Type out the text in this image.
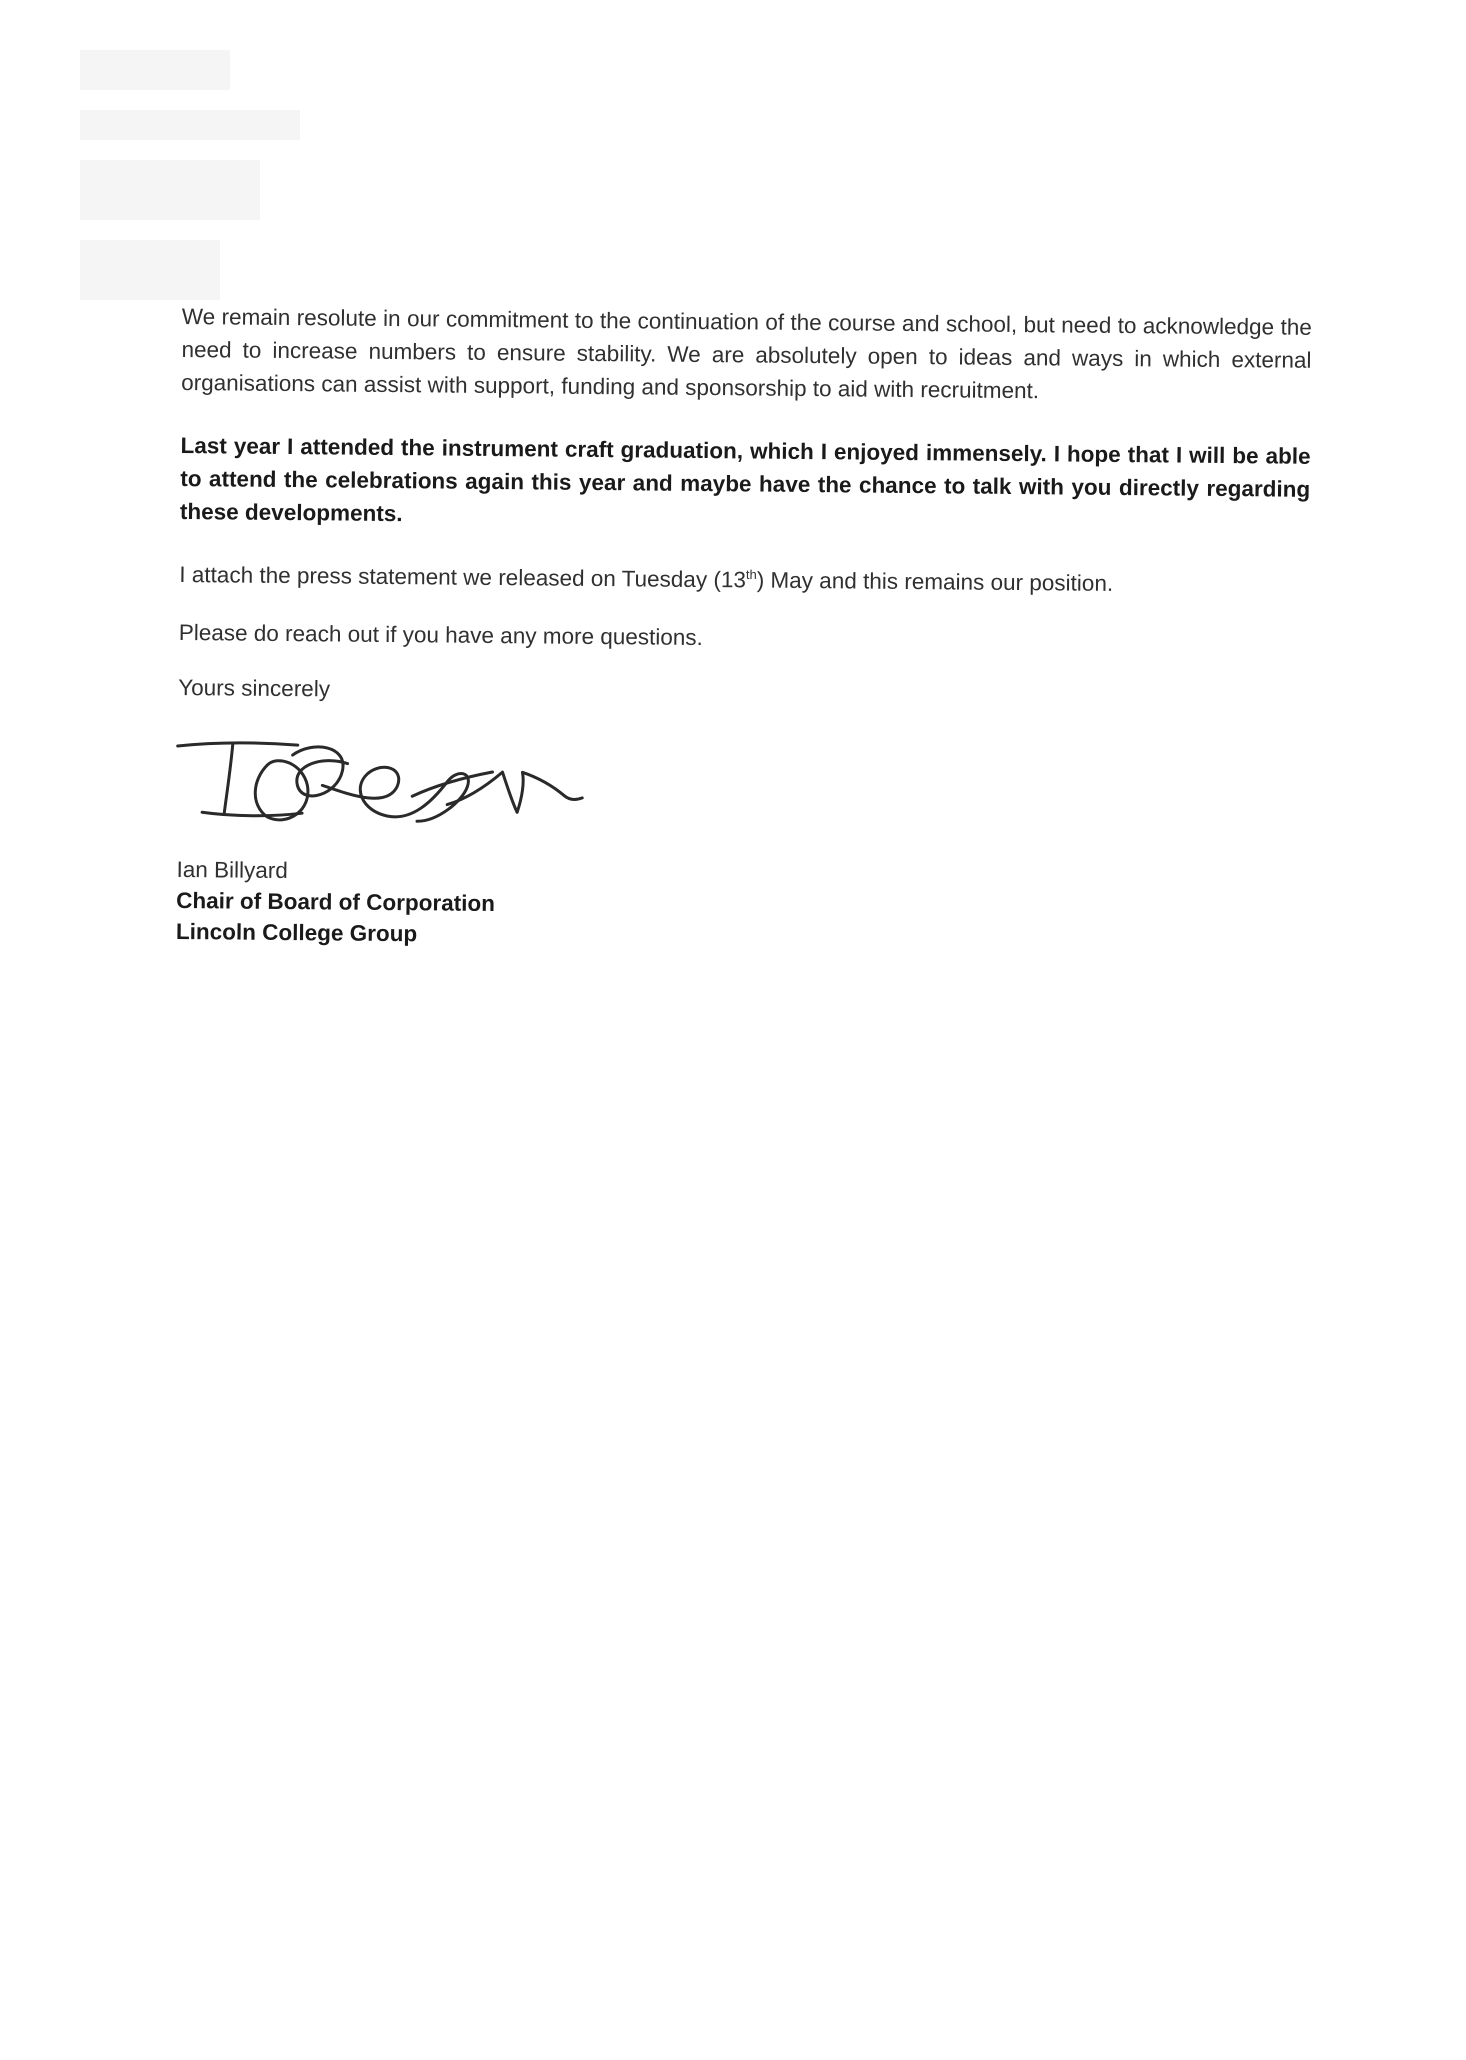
We remain resolute in our commitment to the continuation of the course and school, but need to acknowledge the need to increase numbers to ensure stability. We are absolutely open to ideas and ways in which external organisations can assist with support, funding and sponsorship to aid with recruitment.

Last year I attended the instrument craft graduation, which I enjoyed immensely. I hope that I will be able to attend the celebrations again this year and maybe have the chance to talk with you directly regarding these developments.

I attach the press statement we released on Tuesday (13th) May and this remains our position.

Please do reach out if you have any more questions.

Yours sincerely

Ian Billyard
Chair of Board of Corporation
Lincoln College Group
